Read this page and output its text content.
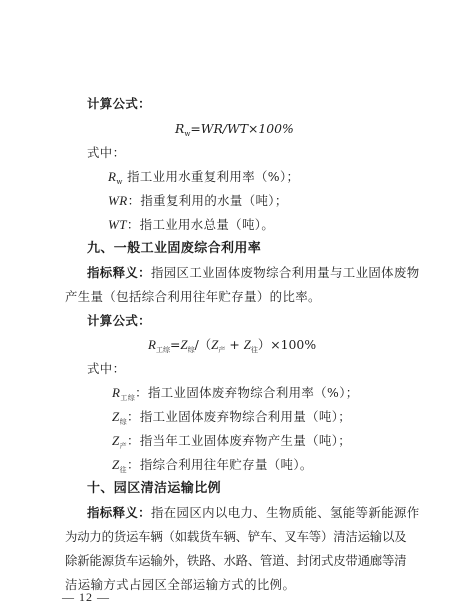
计算公式：
$R_w=WR/WT\times 100\%$
式中：
$R_w$ 指工业用水重复利用率（%）；
WR：指重复利用的水量（吨）；
WT：指工业用水总量（吨）。
九、一般工业固废综合利用率
指标释义：指园区工业固体废物综合利用量与工业固体废物
产生量（包括综合利用往年贮存量）的比率。
计算公式：
$R_{工综}=Z_综/(Z_产 + Z_往)\times 100\%$
式中：
$R_{工综}$：指工业固体废弃物综合利用率（%）；
$Z_综$：指工业固体废弃物综合利用量（吨）；
$Z_产$：指当年工业固体废弃物产生量（吨）；
$Z_往$：指综合利用往年贮存量（吨）。
十、园区清洁运输比例
指标释义：指在园区内以电力、生物质能、氢能等新能源作
为动力的货运车辆（如载货车辆、铲车、叉车等）清洁运输以及
除新能源货车运输外，铁路、水路、管道、封闭式皮带通廊等清
洁运输方式占园区全部运输方式的比例。
— 12 —
